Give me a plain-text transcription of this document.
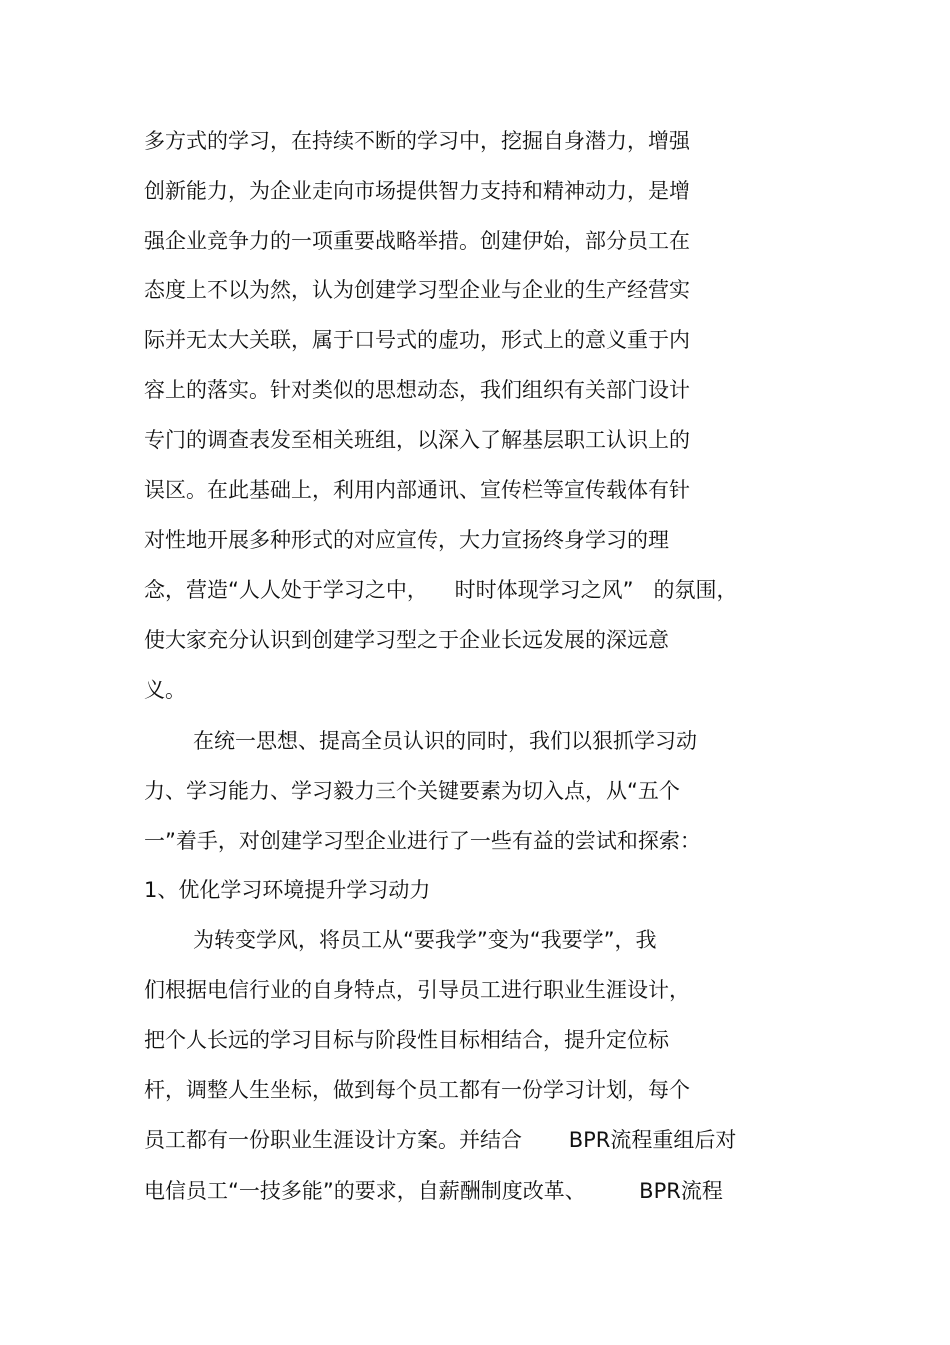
多方式的学习，在持续不断的学习中，挖掘自身潜力，增强
创新能力，为企业走向市场提供智力支持和精神动力，是增
强企业竞争力的一项重要战略举措。创建伊始，部分员工在
态度上不以为然，认为创建学习型企业与企业的生产经营实
际并无太大关联，属于口号式的虚功，形式上的意义重于内
容上的落实。针对类似的思想动态，我们组织有关部门设计
专门的调查表发至相关班组，以深入了解基层职工认识上的
误区。在此基础上，利用内部通讯、宣传栏等宣传载体有针
对性地开展多种形式的对应宣传，大力宣扬终身学习的理
念，营造“人人处于学习之中，    时时体现学习之风”   的氛围，
使大家充分认识到创建学习型之于企业长远发展的深远意
义。
在统一思想、提高全员认识的同时，我们以狠抓学习动
力、学习能力、学习毅力三个关键要素为切入点，从“五个
一”着手，对创建学习型企业进行了一些有益的尝试和探索：
1、优化学习环境提升学习动力
为转变学风，将员工从“要我学”变为“我要学”，我
们根据电信行业的自身特点，引导员工进行职业生涯设计，
把个人长远的学习目标与阶段性目标相结合，提升定位标
杆，调整人生坐标，做到每个员工都有一份学习计划，每个
员工都有一份职业生涯设计方案。并结合       BPR流程重组后对
电信员工“一技多能”的要求，自薪酬制度改革、        BPR流程
